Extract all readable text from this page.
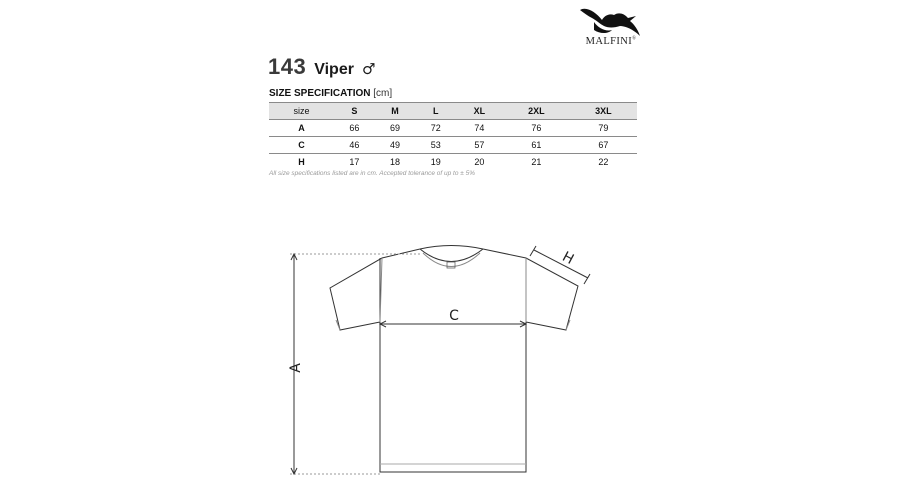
MALFINI®
143 Viper ♂
SIZE SPECIFICATION [cm]
size	S	M	L	XL	2XL	3XL
A	66	69	72	74	76	79
C	46	49	53	57	61	67
H	17	18	19	20	21	22
All size specifications listed are in cm. Accepted tolerance of up to ± 5%
A
C
H
